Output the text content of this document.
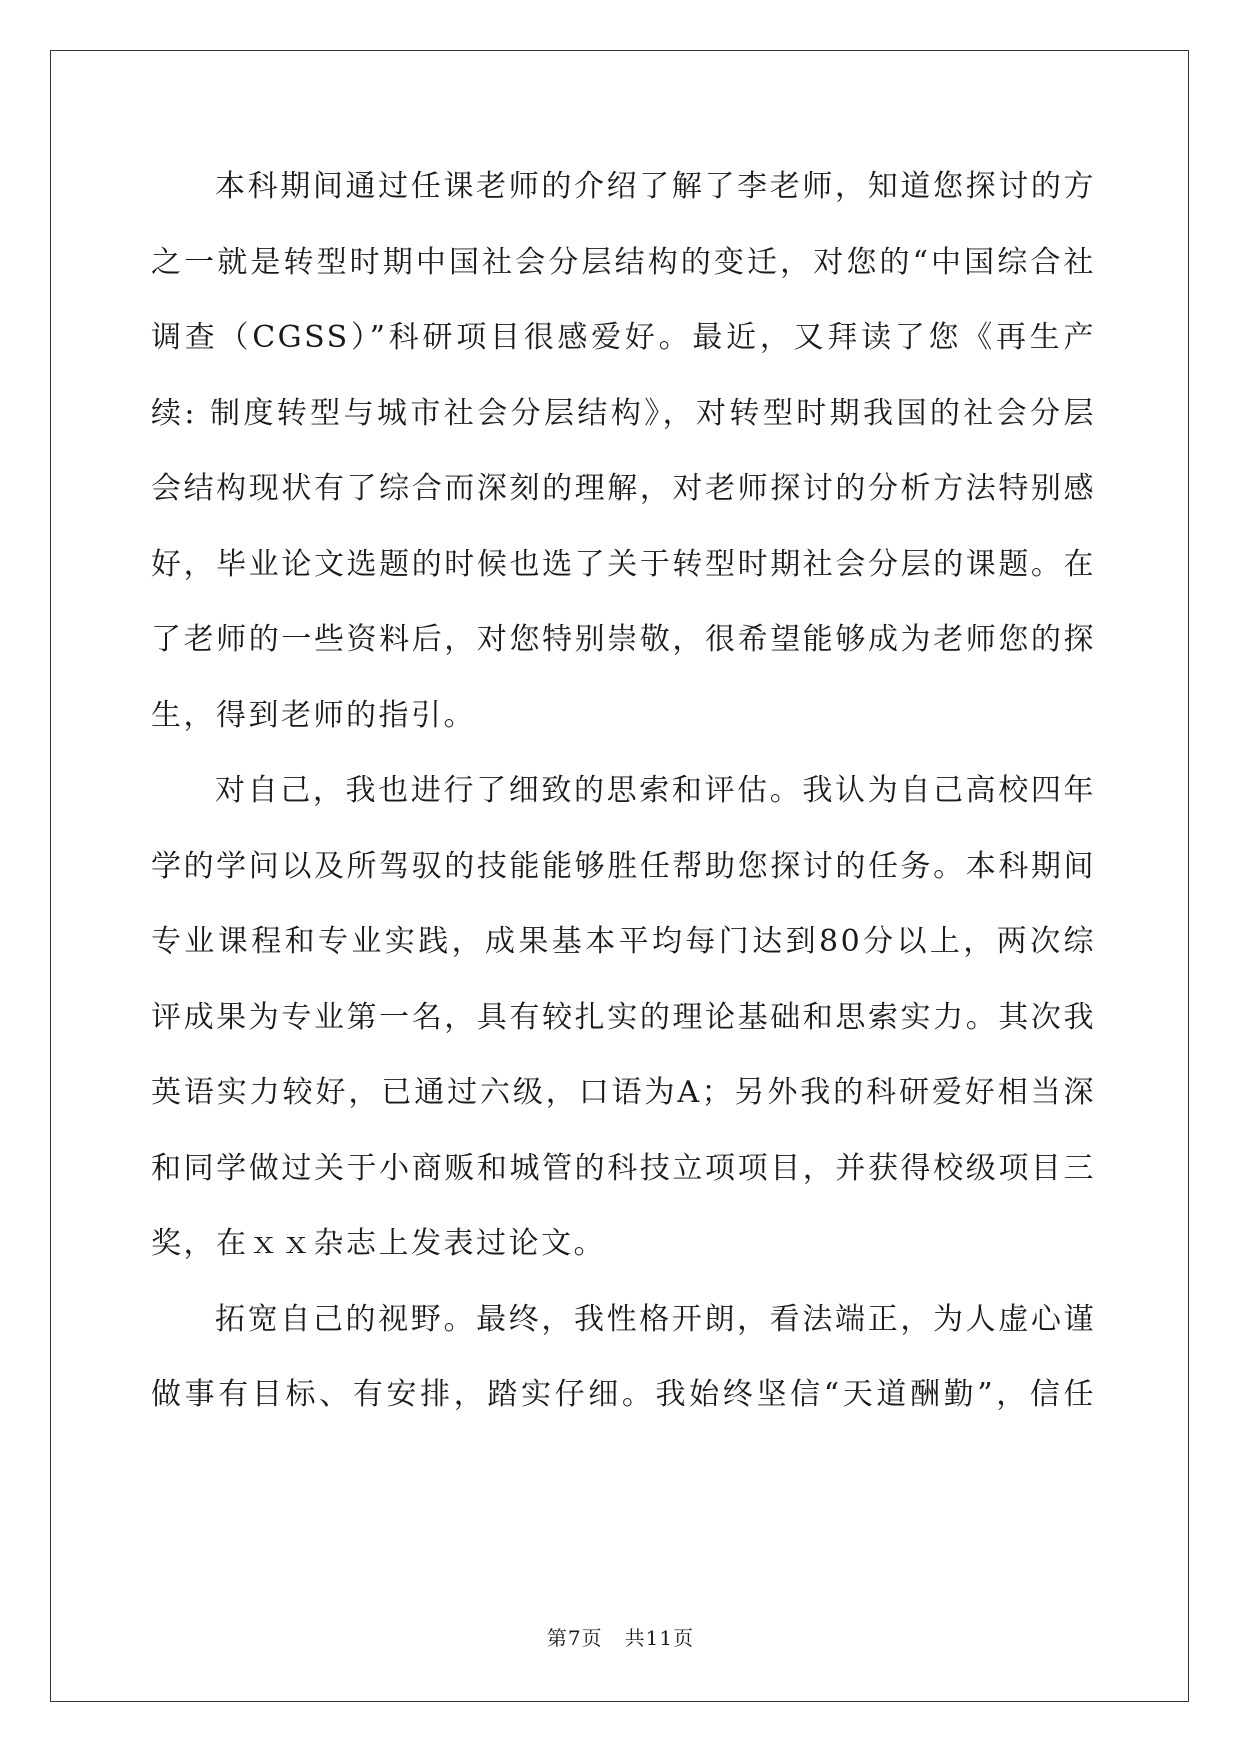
本科期间通过任课老师的介绍了解了李老师，知道您探讨的方
之一就是转型时期中国社会分层结构的变迁，对您的“中国综合社
调查（CGSS）”科研项目很感爱好。最近，又拜读了您《再生产
续: 制度转型与城市社会分层结构》，对转型时期我国的社会分层
会结构现状有了综合而深刻的理解，对老师探讨的分析方法特别感
好，毕业论文选题的时候也选了关于转型时期社会分层的课题。在
了老师的一些资料后，对您特别崇敬，很希望能够成为老师您的探
生，得到老师的指引。
对自己，我也进行了细致的思索和评估。我认为自己高校四年
学的学问以及所驾驭的技能能够胜任帮助您探讨的任务。本科期间
专业课程和专业实践，成果基本平均每门达到80分以上，两次综
评成果为专业第一名，具有较扎实的理论基础和思索实力。其次我
英语实力较好，已通过六级，口语为A；另外我的科研爱好相当深
和同学做过关于小商贩和城管的科技立项项目，并获得校级项目三
奖，在ｘｘ杂志上发表过论文。
拓宽自己的视野。最终，我性格开朗，看法端正，为人虚心谨
做事有目标、有安排，踏实仔细。我始终坚信“天道酬勤”，信任
第7页 共11页
